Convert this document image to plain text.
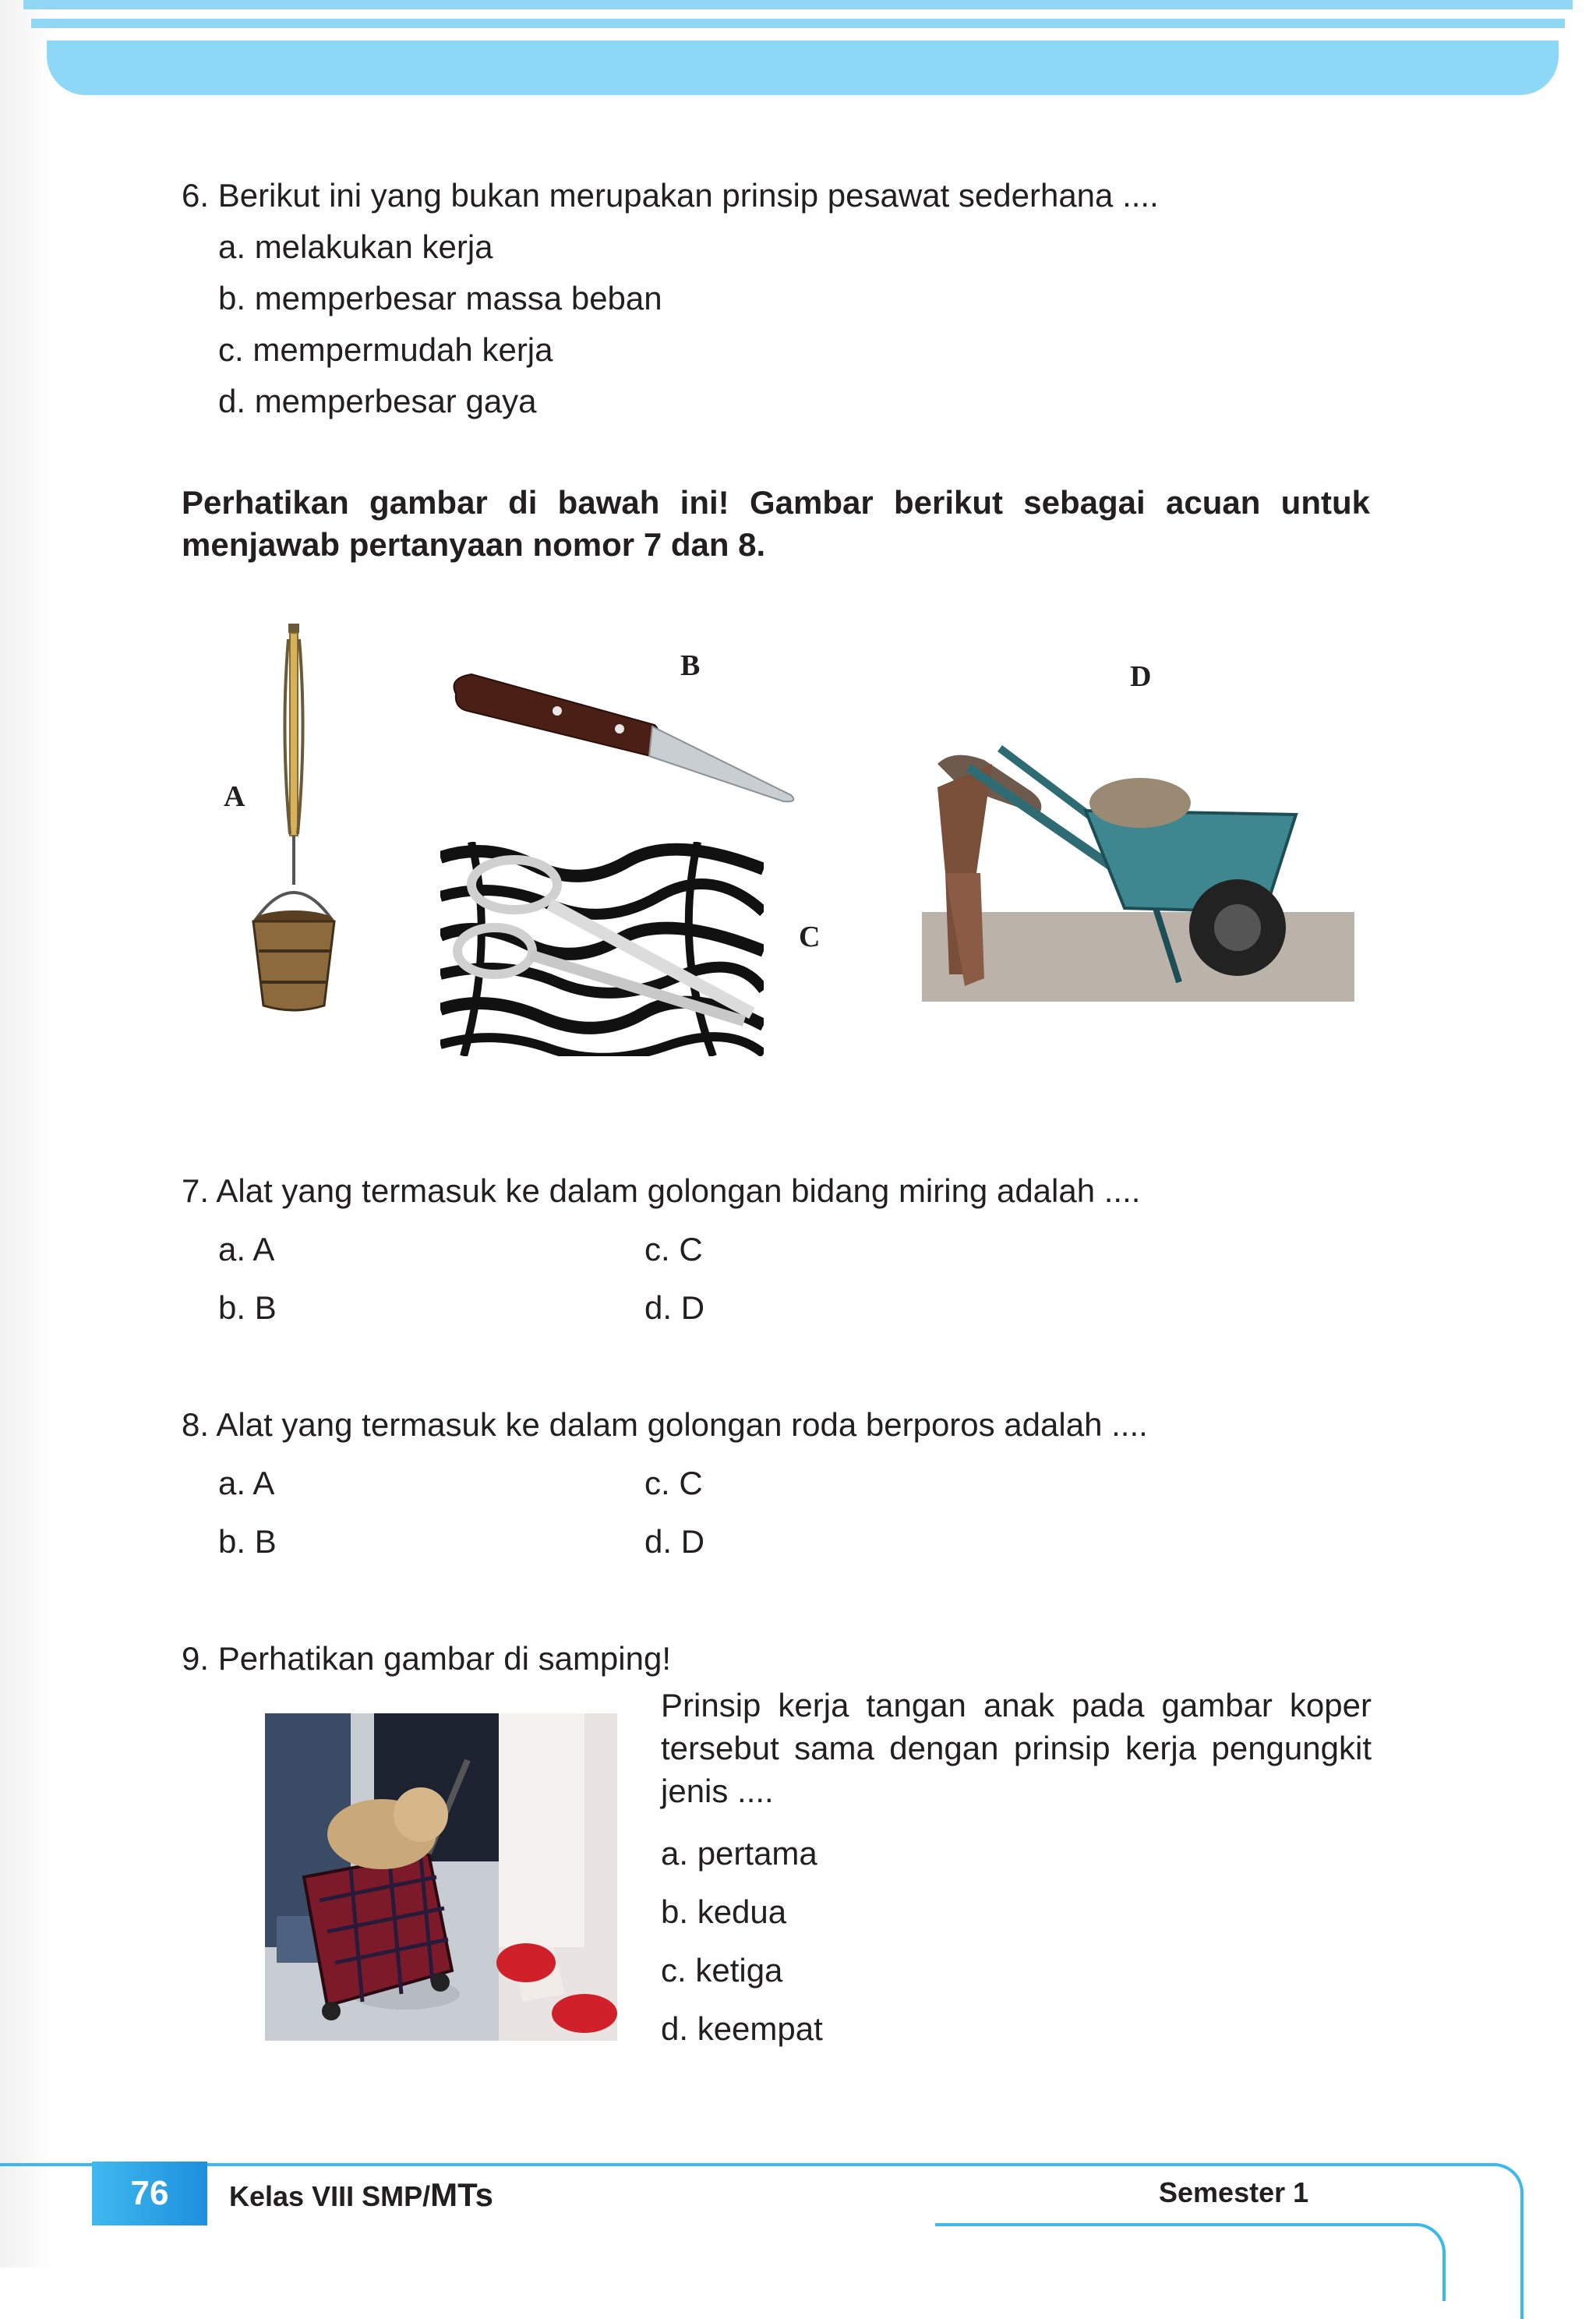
6. Berikut ini yang bukan merupakan prinsip pesawat sederhana ....
a. melakukan kerja
b. memperbesar massa beban
c. mempermudah kerja
d. memperbesar gaya
Perhatikan gambar di bawah ini! Gambar berikut sebagai acuan untuk menjawab pertanyaan nomor 7 dan 8.
A
B
C
D
7. Alat yang termasuk ke dalam golongan bidang miring adalah ....
a. A	c. C
b. B	d. D
8. Alat yang termasuk ke dalam golongan roda berporos adalah ....
a. A	c. C
b. B	d. D
9. Perhatikan gambar di samping!
Prinsip kerja tangan anak pada gambar koper tersebut sama dengan prinsip kerja pengungkit jenis ....
a. pertama
b. kedua
c. ketiga
d. keempat
76	Kelas VIII SMP/MTs	Semester 1
